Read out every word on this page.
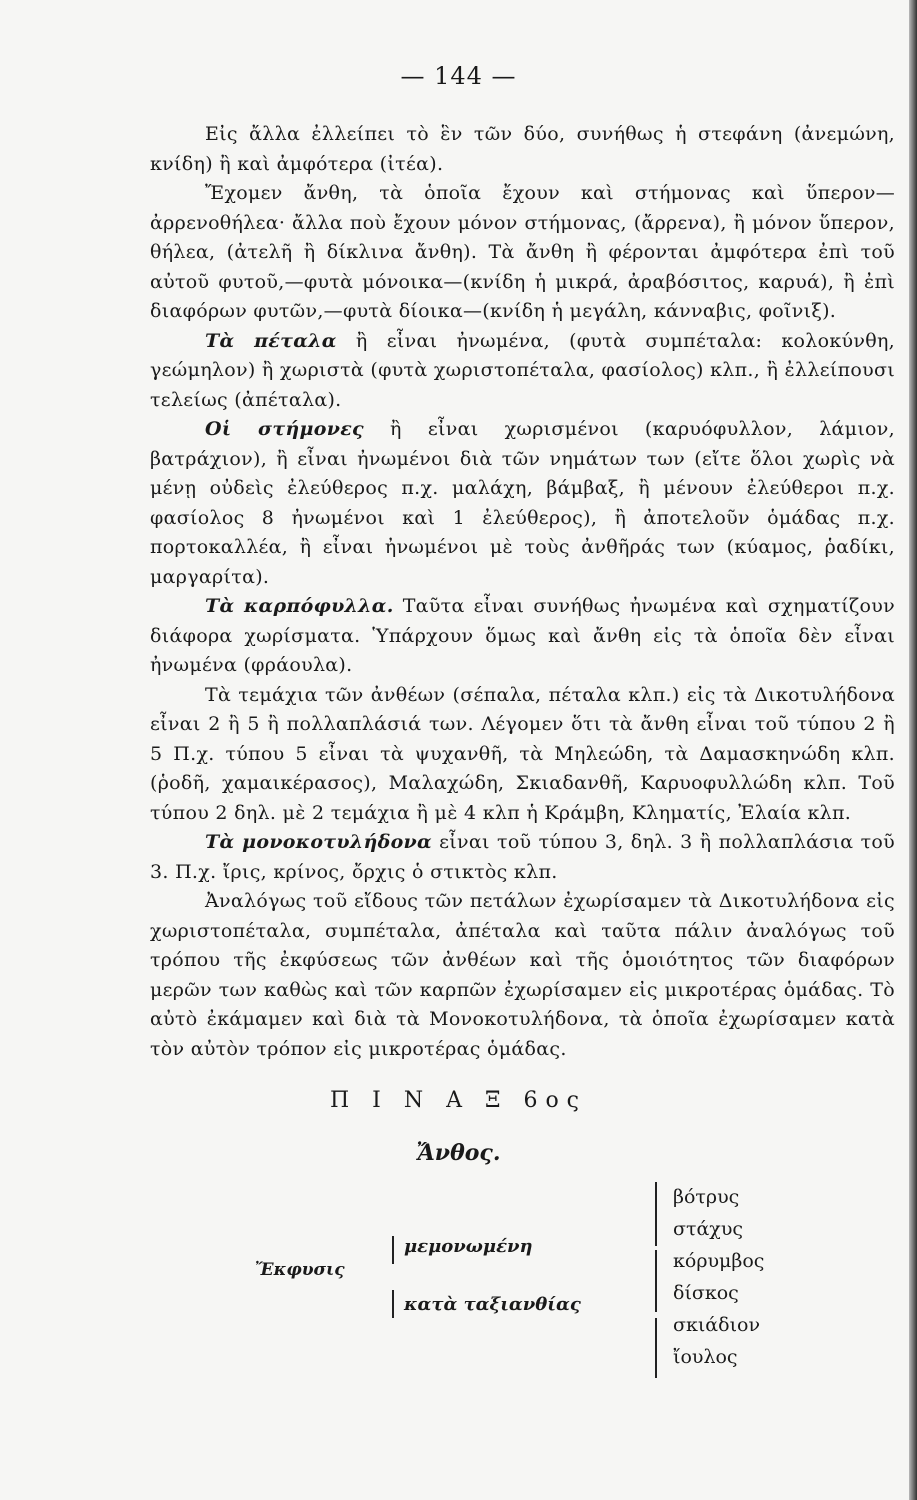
— 144 —

Εἰς ἄλλα ἐλλείπει τὸ ἓν τῶν δύο, συνήθως ἡ στεφάνη (ἀνεμώνη, κνίδη) ἢ καὶ ἀμφότερα (ἰτέα).

Ἔχομεν ἄνθη, τὰ ὁποῖα ἔχουν καὶ στήμονας καὶ ὕπερον—ἀρρενοθήλεα· ἄλλα ποὺ ἔχουν μόνον στήμονας, (ἄρρενα), ἢ μόνον ὕπερον, θήλεα, (ἀτελῆ ἢ δίκλινα ἄνθη). Τὰ ἄνθη ἢ φέρονται ἀμφότερα ἐπὶ τοῦ αὐτοῦ φυτοῦ,—φυτὰ μόνοικα—(κνίδη ἡ μικρά, ἀραβόσιτος, καρυά), ἢ ἐπὶ διαφόρων φυτῶν,—φυτὰ δίοικα—(κνίδη ἡ μεγάλη, κάνναβις, φοῖνιξ).

Τὰ πέταλα ἢ εἶναι ἠνωμένα, (φυτὰ συμπέταλα: κολοκύνθη, γεώμηλον) ἢ χωριστὰ (φυτὰ χωριστοπέταλα, φασίολος) κλπ., ἢ ἐλλείπουσι τελείως (ἀπέταλα).

Οἱ στήμονες ἢ εἶναι χωρισμένοι (καρυόφυλλον, λάμιον, βατράχιον), ἢ εἶναι ἠνωμένοι διὰ τῶν νημάτων των (εἴτε ὅλοι χωρὶς νὰ μένῃ οὐδεὶς ἐλεύθερος π.χ. μαλάχη, βάμβαξ, ἢ μένουν ἐλεύθεροι π.χ. φασίολος 8 ἠνωμένοι καὶ 1 ἐλεύθερος), ἢ ἀποτελοῦν ὁμάδας π.χ. πορτοκαλλέα, ἢ εἶναι ἠνωμένοι μὲ τοὺς ἀνθῆράς των (κύαμος, ῥαδίκι, μαργαρίτα).

Τὰ καρπόφυλλα. Ταῦτα εἶναι συνήθως ἠνωμένα καὶ σχηματίζουν διάφορα χωρίσματα. Ὑπάρχουν ὅμως καὶ ἄνθη εἰς τὰ ὁποῖα δὲν εἶναι ἠνωμένα (φράουλα).

Τὰ τεμάχια τῶν ἀνθέων (σέπαλα, πέταλα κλπ.) εἰς τὰ Δικοτυλήδονα εἶναι 2 ἢ 5 ἢ πολλαπλάσιά των. Λέγομεν ὅτι τὰ ἄνθη εἶναι τοῦ τύπου 2 ἢ 5 Π.χ. τύπου 5 εἶναι τὰ ψυχανθῆ, τὰ Μηλεώδη, τὰ Δαμασκηνώδη κλπ. (ῥοδῆ, χαμαικέρασος), Μαλαχώδη, Σκιαδανθῆ, Καρυοφυλλώδη κλπ. Τοῦ τύπου 2 δηλ. μὲ 2 τεμάχια ἢ μὲ 4 κλπ ἡ Κράμβη, Κληματίς, Ἐλαία κλπ.

Τὰ μονοκοτυλήδονα εἶναι τοῦ τύπου 3, δηλ. 3 ἢ πολλαπλάσια τοῦ 3. Π.χ. ἴρις, κρίνος, ὄρχις ὁ στικτὸς κλπ.

Ἀναλόγως τοῦ εἴδους τῶν πετάλων ἐχωρίσαμεν τὰ Δικοτυλήδονα εἰς χωριστοπέταλα, συμπέταλα, ἀπέταλα καὶ ταῦτα πάλιν ἀναλόγως τοῦ τρόπου τῆς ἐκφύσεως τῶν ἀνθέων καὶ τῆς ὁμοιότητος τῶν διαφόρων μερῶν των καθὼς καὶ τῶν καρπῶν ἐχωρίσαμεν εἰς μικροτέρας ὁμάδας. Τὸ αὐτὸ ἐκάμαμεν καὶ διὰ τὰ Μονοκοτυλήδονα, τὰ ὁποῖα ἐχωρίσαμεν κατὰ τὸν αὐτὸν τρόπον εἰς μικροτέρας ὁμάδας.

Π Ι Ν Α Ξ 6ος
Ἄνθος.
Ἔκφυσις
μεμονωμένη
κατὰ ταξιανθίας
βότρυς
στάχυς
κόρυμβος
δίσκος
σκιάδιον
ἴουλος
